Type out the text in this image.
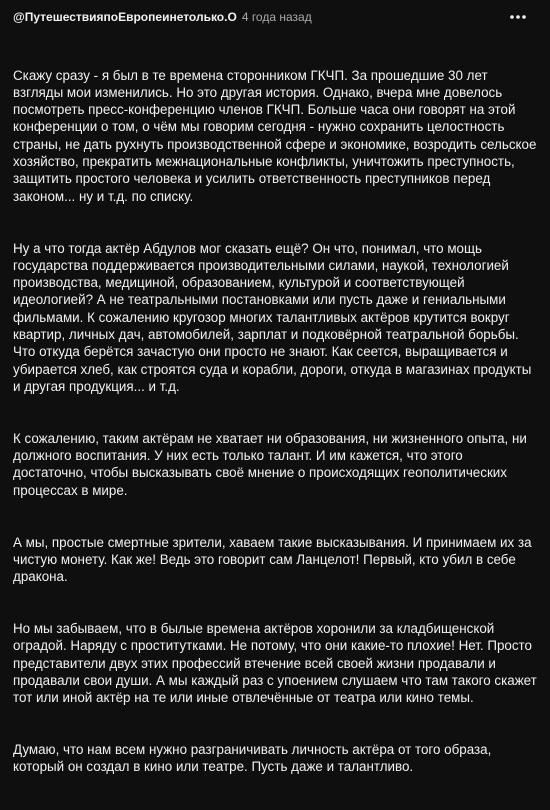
@ПутешествияпоЕвропеинетолько.О 4 года назад

Скажу сразу - я был в те времена сторонником ГКЧП. За прошедшие 30 лет взгляды мои изменились. Но это другая история. Однако, вчера мне довелось посмотреть пресс-конференцию членов ГКЧП. Больше часа они говорят на этой конференции о том, о чём мы говорим сегодня - нужно сохранить целостность страны, не дать рухнуть производственной сфере и экономике, возродить сельское хозяйство, прекратить межнациональные конфликты, уничтожить преступность, защитить простого человека и усилить ответственность преступников перед законом... ну и т.д. по списку.

Ну а что тогда актёр Абдулов мог сказать ещё? Он что, понимал, что мощь государства поддерживается производительными силами, наукой, технологией производства, медициной, образованием, культурой и соответствующей идеологией? А не театральными постановками или пусть даже и гениальными фильмами. К сожалению кругозор многих талантливых актёров крутится вокруг квартир, личных дач, автомобилей, зарплат и подковёрной театральной борьбы. Что откуда берётся зачастую они просто не знают. Как сеется, выращивается и убирается хлеб, как строятся суда и корабли, дороги, откуда в магазинах продукты и другая продукция... и т.д.

К сожалению, таким актёрам не хватает ни образования, ни жизненного опыта, ни должного воспитания. У них есть только талант. И им кажется, что этого достаточно, чтобы высказывать своё мнение о происходящих геополитических процессах в мире.

А мы, простые смертные зрители, хаваем такие высказывания. И принимаем их за чистую монету. Как же! Ведь это говорит сам Ланцелот! Первый, кто убил в себе дракона.

Но мы забываем, что в былые времена актёров хоронили за кладбищенской оградой. Наряду с проститутками. Не потому, что они какие-то плохие! Нет. Просто представители двух этих профессий втечение всей своей жизни продавали и продавали свои души. А мы каждый раз с упоением слушаем что там такого скажет тот или иной актёр на те или иные отвлечённые от театра или кино темы.

Думаю, что нам всем нужно разграничивать личность актёра от того образа, который он создал в кино или театре. Пусть даже и талантливо.
